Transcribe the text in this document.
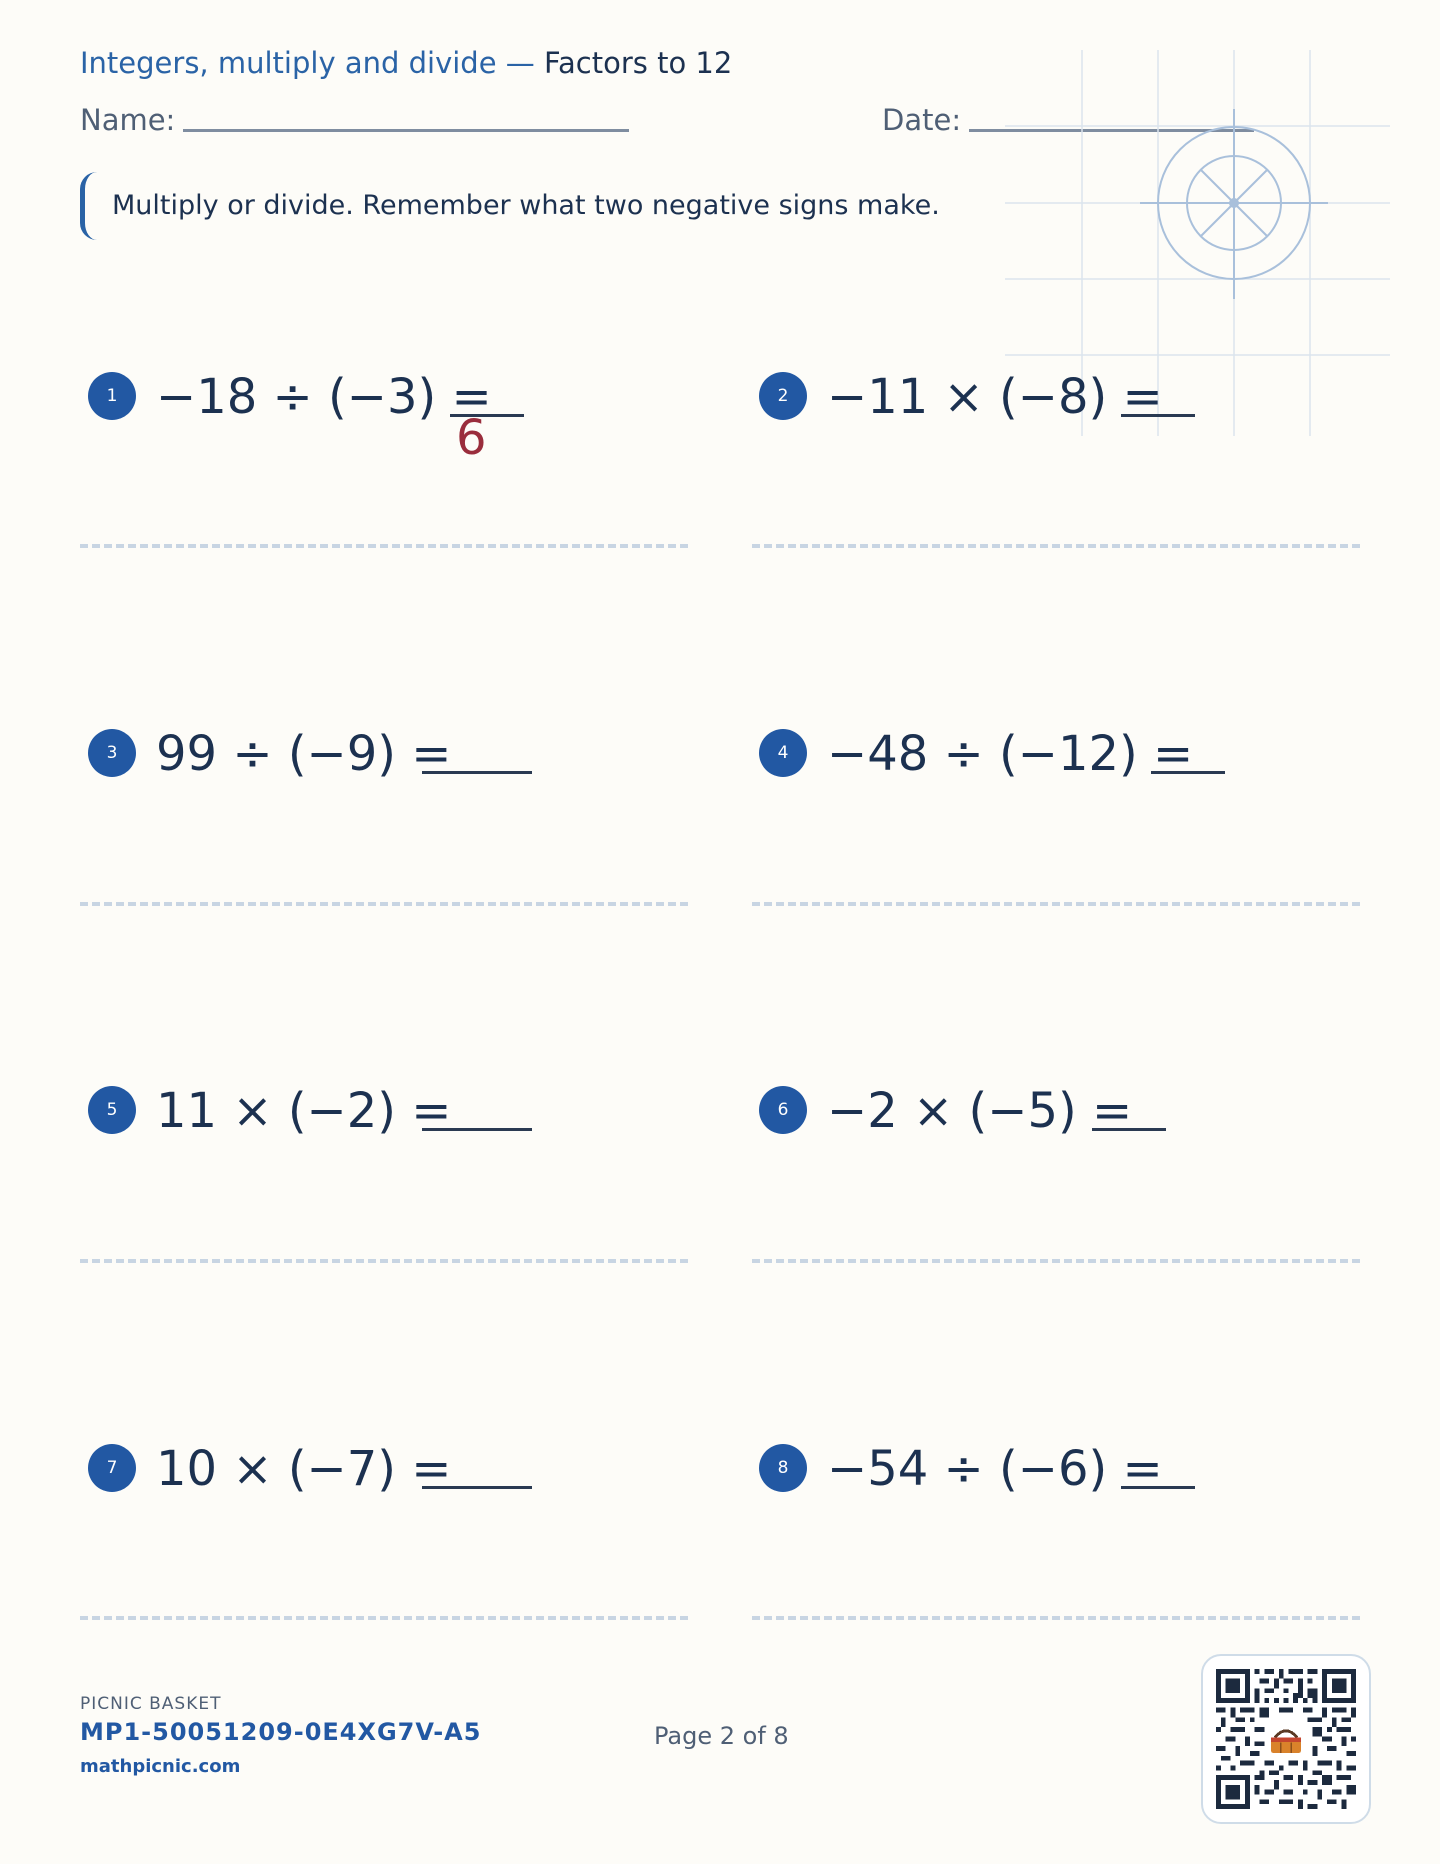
Integers, multiply and divide — Factors to 12
Name:	Date:
Multiply or divide. Remember what two negative signs make.
1 −18 ÷ (−3) =
6
2 −11 × (−8) =
3 99 ÷ (−9) =	4 −48 ÷ (−12) =
5 11 × (−2) =	6 −2 × (−5) =
7 10 × (−7) =	8 −54 ÷ (−6) =
PICNIC BASKET
MP1-50051209-0E4XG7V-A5
mathpicnic.com
Page 2 of 8
